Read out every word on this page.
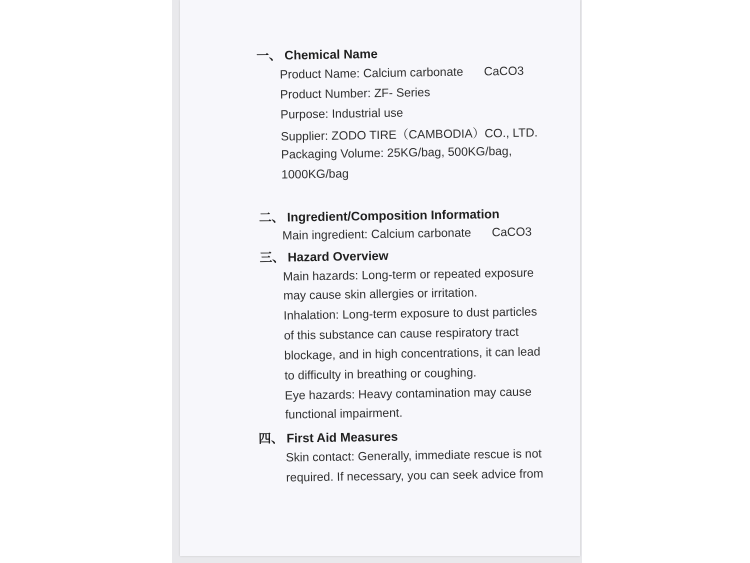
一、 Chemical Name
Product Name: Calcium carbonate CaCO3
Product Number: ZF- Series
Purpose: Industrial use
Supplier: ZODO TIRE（CAMBODIA）CO., LTD.
Packaging Volume: 25KG/bag, 500KG/bag,
1000KG/bag
二、 Ingredient/Composition Information
Main ingredient: Calcium carbonate CaCO3
三、 Hazard Overview
Main hazards: Long-term or repeated exposure
may cause skin allergies or irritation.
Inhalation: Long-term exposure to dust particles
of this substance can cause respiratory tract
blockage, and in high concentrations, it can lead
to difficulty in breathing or coughing.
Eye hazards: Heavy contamination may cause
functional impairment.
四、 First Aid Measures
Skin contact: Generally, immediate rescue is not
required. If necessary, you can seek advice from
